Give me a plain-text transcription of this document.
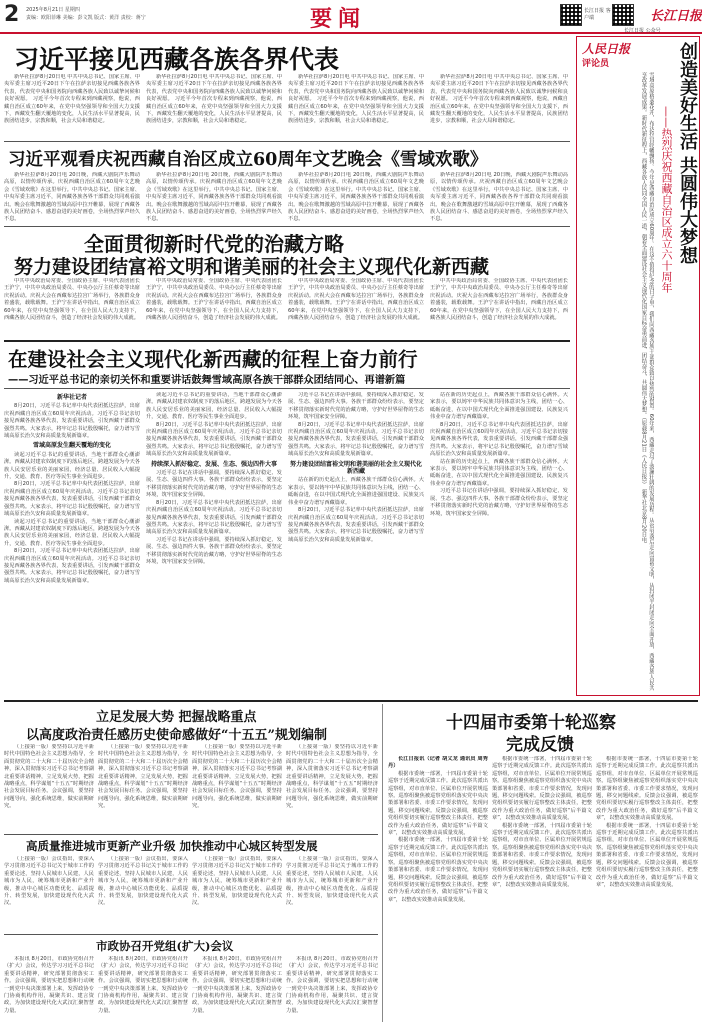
2 2025年8月21日 星期四
责编：欧阳菲琳 美编：彭文凯 版式：黄洋 责校：蒋宁	要闻	长江日报 客户端
长江日报 公众号
长江日报
习近平接见西藏各族各界代表

新华社拉萨8月20日电 中共中央总书记、国家主席、中央军委主席习近平20日下午在拉萨亲切接见西藏各族各界代表，代表党中央和国务院向西藏各族人民致以诚挚问候和良好祝愿。 习近平今年首次专程来到西藏视察，他说，西藏自治区成立60年来，在党中央坚强领导和全国大力支援下，西藏发生翻天覆地的变化，人民生活水平显著提高，民族团结进步，宗教和顺，社会大局和谐稳定。

新华社拉萨8月20日电 中共中央总书记、国家主席、中央军委主席习近平20日下午在拉萨亲切接见西藏各族各界代表，代表党中央和国务院向西藏各族人民致以诚挚问候和良好祝愿。 习近平今年首次专程来到西藏视察，他说，西藏自治区成立60年来，在党中央坚强领导和全国大力支援下，西藏发生翻天覆地的变化，人民生活水平显著提高，民族团结进步，宗教和顺，社会大局和谐稳定。

新华社拉萨8月20日电 中共中央总书记、国家主席、中央军委主席习近平20日下午在拉萨亲切接见西藏各族各界代表，代表党中央和国务院向西藏各族人民致以诚挚问候和良好祝愿。 习近平今年首次专程来到西藏视察，他说，西藏自治区成立60年来，在党中央坚强领导和全国大力支援下，西藏发生翻天覆地的变化，人民生活水平显著提高，民族团结进步，宗教和顺，社会大局和谐稳定。

新华社拉萨8月20日电 中共中央总书记、国家主席、中央军委主席习近平20日下午在拉萨亲切接见西藏各族各界代表，代表党中央和国务院向西藏各族人民致以诚挚问候和良好祝愿。 习近平今年首次专程来到西藏视察，他说，西藏自治区成立60年来，在党中央坚强领导和全国大力支援下，西藏发生翻天覆地的变化，人民生活水平显著提高，民族团结进步，宗教和顺，社会大局和谐稳定。

习近平观看庆祝西藏自治区成立60周年文艺晚会《雪域欢歌》

新华社拉萨8月20日电 20日晚，西藏大剧院声乐舞动高原，以情传颂传承。庆祝西藏自治区成立60周年文艺晚会《雪域欢歌》在这里举行。中共中央总书记、国家主席、中央军委主席习近平，同西藏各族各界干部群众共同观看演出。晚会在歌舞激越的雪域高原中拉开帷幕，展现了西藏各族人民团结奋斗、感恩奋进的美好画卷，全场热烈掌声经久不息。

新华社拉萨8月20日电 20日晚，西藏大剧院声乐舞动高原，以情传颂传承。庆祝西藏自治区成立60周年文艺晚会《雪域欢歌》在这里举行。中共中央总书记、国家主席、中央军委主席习近平，同西藏各族各界干部群众共同观看演出。晚会在歌舞激越的雪域高原中拉开帷幕，展现了西藏各族人民团结奋斗、感恩奋进的美好画卷，全场热烈掌声经久不息。

新华社拉萨8月20日电 20日晚，西藏大剧院声乐舞动高原，以情传颂传承。庆祝西藏自治区成立60周年文艺晚会《雪域欢歌》在这里举行。中共中央总书记、国家主席、中央军委主席习近平，同西藏各族各界干部群众共同观看演出。晚会在歌舞激越的雪域高原中拉开帷幕，展现了西藏各族人民团结奋斗、感恩奋进的美好画卷，全场热烈掌声经久不息。

新华社拉萨8月20日电 20日晚，西藏大剧院声乐舞动高原，以情传颂传承。庆祝西藏自治区成立60周年文艺晚会《雪域欢歌》在这里举行。中共中央总书记、国家主席、中央军委主席习近平，同西藏各族各界干部群众共同观看演出。晚会在歌舞激越的雪域高原中拉开帷幕，展现了西藏各族人民团结奋斗、感恩奋进的美好画卷，全场热烈掌声经久不息。

全面贯彻新时代党的治藏方略
努力建设团结富裕文明和谐美丽的社会主义现代化新西藏

中共中央政治局常委、全国政协主席、中央代表团团长王沪宁，中共中央政治局委员、中央办公厅主任蔡奇等出席庆祝活动。庆祝大会在西藏布达拉宫广场举行，各族群众身着盛装，载歌载舞。王沪宁在讲话中指出，西藏自治区成立60年来，在党中央坚强领导下，在全国人民大力支持下，西藏各族人民团结奋斗，创造了经济社会发展的伟大成就。

中共中央政治局常委、全国政协主席、中央代表团团长王沪宁，中共中央政治局委员、中央办公厅主任蔡奇等出席庆祝活动。庆祝大会在西藏布达拉宫广场举行，各族群众身着盛装，载歌载舞。王沪宁在讲话中指出，西藏自治区成立60年来，在党中央坚强领导下，在全国人民大力支持下，西藏各族人民团结奋斗，创造了经济社会发展的伟大成就。

中共中央政治局常委、全国政协主席、中央代表团团长王沪宁，中共中央政治局委员、中央办公厅主任蔡奇等出席庆祝活动。庆祝大会在西藏布达拉宫广场举行，各族群众身着盛装，载歌载舞。王沪宁在讲话中指出，西藏自治区成立60年来，在党中央坚强领导下，在全国人民大力支持下，西藏各族人民团结奋斗，创造了经济社会发展的伟大成就。

中共中央政治局常委、全国政协主席、中央代表团团长王沪宁，中共中央政治局委员、中央办公厅主任蔡奇等出席庆祝活动。庆祝大会在西藏布达拉宫广场举行，各族群众身着盛装，载歌载舞。王沪宁在讲话中指出，西藏自治区成立60年来，在党中央坚强领导下，在全国人民大力支持下，西藏各族人民团结奋斗，创造了经济社会发展的伟大成就。

在建设社会主义现代化新西藏的征程上奋力前行
——习近平总书记的亲切关怀和重要讲话鼓舞雪域高原各族干部群众团结同心、再谱新篇
新华社记者

8月20日，习近平总书记率中央代表团抵达拉萨，出席庆祝西藏自治区成立60周年庆祝活动。习近平总书记亲切接见西藏各族各界代表，发表重要讲话，引发西藏干部群众强烈共鸣。大家表示，将牢记总书记殷殷嘱托，奋力谱写雪域高原长治久安和高质量发展新篇章。

雪域高原发生翻天覆地的变化

读起习近平总书记的重要讲话，当地干部群众心潮澎湃。西藏从封建农奴制度下的落后地区，跨越发展为今天各族人民安居乐业的美丽家园，经济总量、居民收入大幅提升，交通、教育、医疗等民生事业全面进步。

8月20日，习近平总书记率中央代表团抵达拉萨，出席庆祝西藏自治区成立60周年庆祝活动。习近平总书记亲切接见西藏各族各界代表，发表重要讲话，引发西藏干部群众强烈共鸣。大家表示，将牢记总书记殷殷嘱托，奋力谱写雪域高原长治久安和高质量发展新篇章。

读起习近平总书记的重要讲话，当地干部群众心潮澎湃。西藏从封建农奴制度下的落后地区，跨越发展为今天各族人民安居乐业的美丽家园，经济总量、居民收入大幅提升，交通、教育、医疗等民生事业全面进步。

8月20日，习近平总书记率中央代表团抵达拉萨，出席庆祝西藏自治区成立60周年庆祝活动。习近平总书记亲切接见西藏各族各界代表，发表重要讲话，引发西藏干部群众强烈共鸣。大家表示，将牢记总书记殷殷嘱托，奋力谱写雪域高原长治久安和高质量发展新篇章。

读起习近平总书记的重要讲话，当地干部群众心潮澎湃。西藏从封建农奴制度下的落后地区，跨越发展为今天各族人民安居乐业的美丽家园，经济总量、居民收入大幅提升，交通、教育、医疗等民生事业全面进步。

8月20日，习近平总书记率中央代表团抵达拉萨，出席庆祝西藏自治区成立60周年庆祝活动。习近平总书记亲切接见西藏各族各界代表，发表重要讲话，引发西藏干部群众强烈共鸣。大家表示，将牢记总书记殷殷嘱托，奋力谱写雪域高原长治久安和高质量发展新篇章。

持续深入抓好稳定、发展、生态、强边四件大事

习近平总书记在讲话中强调，要持续深入抓好稳定、发展、生态、强边四件大事。各族干部群众纷纷表示，要坚定不移贯彻落实新时代党的治藏方略，守护好世界屋脊的生态环境，筑牢国家安全屏障。

8月20日，习近平总书记率中央代表团抵达拉萨，出席庆祝西藏自治区成立60周年庆祝活动。习近平总书记亲切接见西藏各族各界代表，发表重要讲话，引发西藏干部群众强烈共鸣。大家表示，将牢记总书记殷殷嘱托，奋力谱写雪域高原长治久安和高质量发展新篇章。

习近平总书记在讲话中强调，要持续深入抓好稳定、发展、生态、强边四件大事。各族干部群众纷纷表示，要坚定不移贯彻落实新时代党的治藏方略，守护好世界屋脊的生态环境，筑牢国家安全屏障。

习近平总书记在讲话中强调，要持续深入抓好稳定、发展、生态、强边四件大事。各族干部群众纷纷表示，要坚定不移贯彻落实新时代党的治藏方略，守护好世界屋脊的生态环境，筑牢国家安全屏障。

8月20日，习近平总书记率中央代表团抵达拉萨，出席庆祝西藏自治区成立60周年庆祝活动。习近平总书记亲切接见西藏各族各界代表，发表重要讲话，引发西藏干部群众强烈共鸣。大家表示，将牢记总书记殷殷嘱托，奋力谱写雪域高原长治久安和高质量发展新篇章。

努力建设团结富裕文明和谐美丽的社会主义现代化新西藏

站在新的历史起点上，西藏各族干部群众信心满怀。大家表示，要以铸牢中华民族共同体意识为主线，团结一心、砥砺奋进，在以中国式现代化全面推进强国建设、民族复兴伟业中奋力谱写西藏篇章。

8月20日，习近平总书记率中央代表团抵达拉萨，出席庆祝西藏自治区成立60周年庆祝活动。习近平总书记亲切接见西藏各族各界代表，发表重要讲话，引发西藏干部群众强烈共鸣。大家表示，将牢记总书记殷殷嘱托，奋力谱写雪域高原长治久安和高质量发展新篇章。

站在新的历史起点上，西藏各族干部群众信心满怀。大家表示，要以铸牢中华民族共同体意识为主线，团结一心、砥砺奋进，在以中国式现代化全面推进强国建设、民族复兴伟业中奋力谱写西藏篇章。

8月20日，习近平总书记率中央代表团抵达拉萨，出席庆祝西藏自治区成立60周年庆祝活动。习近平总书记亲切接见西藏各族各界代表，发表重要讲话，引发西藏干部群众强烈共鸣。大家表示，将牢记总书记殷殷嘱托，奋力谱写雪域高原长治久安和高质量发展新篇章。

站在新的历史起点上，西藏各族干部群众信心满怀。大家表示，要以铸牢中华民族共同体意识为主线，团结一心、砥砺奋进，在以中国式现代化全面推进强国建设、民族复兴伟业中奋力谱写西藏篇章。

习近平总书记在讲话中强调，要持续深入抓好稳定、发展、生态、强边四件大事。各族干部群众纷纷表示，要坚定不移贯彻落实新时代党的治藏方略，守护好世界屋脊的生态环境，筑牢国家安全屏障。

人民日报
评论员	创造美好生活 共圆伟大梦想
——热烈庆祝西藏自治区成立六十周年
雪域高原格桑花开，布达拉宫经幡飘扬。今年是西藏自治区成立60周年。在这个值得纪念的日子里，我们向西藏各族干部群众致以热烈的祝贺。60年来，西藏走过了波澜壮阔的发展历程。从贫穷落后走向富裕文明，从封闭半封闭走向全面开放，西藏各族人民共享改革发展成果。新时代新征程上，西藏各族人民同全国人民一道，朝着全面建设社会主义现代化国家目标奋勇前进，团结奋斗，共圆伟大梦想。（原载8月21日《人民日报》） 新华社北京8月20日电
立足发展大势 把握战略重点
以高度政治责任感历史使命感做好“十五五”规划编制

（上接第一版）要坚持以习近平新时代中国特色社会主义思想为指导，全面贯彻党的二十大和二十届历次全会精神，深入贯彻落实习近平总书记考察湖北重要讲话精神，立足发展大势，把握战略重点，科学谋划“十五五”时期经济社会发展目标任务。会议强调，要坚持问题导向，强化系统思维，做实前期研究。

（上接第一版）要坚持以习近平新时代中国特色社会主义思想为指导，全面贯彻党的二十大和二十届历次全会精神，深入贯彻落实习近平总书记考察湖北重要讲话精神，立足发展大势，把握战略重点，科学谋划“十五五”时期经济社会发展目标任务。会议强调，要坚持问题导向，强化系统思维，做实前期研究。

（上接第一版）要坚持以习近平新时代中国特色社会主义思想为指导，全面贯彻党的二十大和二十届历次全会精神，深入贯彻落实习近平总书记考察湖北重要讲话精神，立足发展大势，把握战略重点，科学谋划“十五五”时期经济社会发展目标任务。会议强调，要坚持问题导向，强化系统思维，做实前期研究。

（上接第一版）要坚持以习近平新时代中国特色社会主义思想为指导，全面贯彻党的二十大和二十届历次全会精神，深入贯彻落实习近平总书记考察湖北重要讲话精神，立足发展大势，把握战略重点，科学谋划“十五五”时期经济社会发展目标任务。会议强调，要坚持问题导向，强化系统思维，做实前期研究。

高质量推进城市更新产业升级 加快推动中心城区转型发展

（上接第一版）会议指出，要深入学习贯彻习近平总书记关于城市工作的重要论述，坚持人民城市人民建，人民城市为人民，统筹城市更新和产业升级，推动中心城区功能优化、品质提升、转型发展，加快建设现代化大武汉。

（上接第一版）会议指出，要深入学习贯彻习近平总书记关于城市工作的重要论述，坚持人民城市人民建，人民城市为人民，统筹城市更新和产业升级，推动中心城区功能优化、品质提升、转型发展，加快建设现代化大武汉。

（上接第一版）会议指出，要深入学习贯彻习近平总书记关于城市工作的重要论述，坚持人民城市人民建，人民城市为人民，统筹城市更新和产业升级，推动中心城区功能优化、品质提升、转型发展，加快建设现代化大武汉。

（上接第一版）会议指出，要深入学习贯彻习近平总书记关于城市工作的重要论述，坚持人民城市人民建，人民城市为人民，统筹城市更新和产业升级，推动中心城区功能优化、品质提升、转型发展，加快建设现代化大武汉。

市政协召开党组(扩大)会议

本报讯 8月20日，市政协党组召开（扩大）会议，传达学习习近平总书记重要讲话精神，研究部署贯彻落实工作。会议强调，要切实把思想和行动统一到党中央决策部署上来，发挥政协专门协商机构作用，凝聚共识、建言资政，为加快建设现代化大武汉汇聚智慧力量。

本报讯 8月20日，市政协党组召开（扩大）会议，传达学习习近平总书记重要讲话精神，研究部署贯彻落实工作。会议强调，要切实把思想和行动统一到党中央决策部署上来，发挥政协专门协商机构作用，凝聚共识、建言资政，为加快建设现代化大武汉汇聚智慧力量。

本报讯 8月20日，市政协党组召开（扩大）会议，传达学习习近平总书记重要讲话精神，研究部署贯彻落实工作。会议强调，要切实把思想和行动统一到党中央决策部署上来，发挥政协专门协商机构作用，凝聚共识、建言资政，为加快建设现代化大武汉汇聚智慧力量。

本报讯 8月20日，市政协党组召开（扩大）会议，传达学习习近平总书记重要讲话精神，研究部署贯彻落实工作。会议强调，要切实把思想和行动统一到党中央决策部署上来，发挥政协专门协商机构作用，凝聚共识、建言资政，为加快建设现代化大武汉汇聚智慧力量。

十四届市委第十轮巡察
完成反馈

长江日报讯（记者 胡义龙 通讯员 周秀丹）

根据市委统一部署，十四届市委第十轮巡察于近期完成反馈工作。此次巡察共派出巡察组，对市直单位、区属单位开展常规巡察。巡察组聚焦被巡察党组织落实党中央决策部署和省委、市委工作要求情况，发现问题，移交问题线索。反馈会议强调，被巡察党组织要切实履行巡察整改主体责任，把整改作为重大政治任务，做好巡察“后半篇文章”，以整改实效推动高质量发展。

根据市委统一部署，十四届市委第十轮巡察于近期完成反馈工作。此次巡察共派出巡察组，对市直单位、区属单位开展常规巡察。巡察组聚焦被巡察党组织落实党中央决策部署和省委、市委工作要求情况，发现问题，移交问题线索。反馈会议强调，被巡察党组织要切实履行巡察整改主体责任，把整改作为重大政治任务，做好巡察“后半篇文章”，以整改实效推动高质量发展。

根据市委统一部署，十四届市委第十轮巡察于近期完成反馈工作。此次巡察共派出巡察组，对市直单位、区属单位开展常规巡察。巡察组聚焦被巡察党组织落实党中央决策部署和省委、市委工作要求情况，发现问题，移交问题线索。反馈会议强调，被巡察党组织要切实履行巡察整改主体责任，把整改作为重大政治任务，做好巡察“后半篇文章”，以整改实效推动高质量发展。

根据市委统一部署，十四届市委第十轮巡察于近期完成反馈工作。此次巡察共派出巡察组，对市直单位、区属单位开展常规巡察。巡察组聚焦被巡察党组织落实党中央决策部署和省委、市委工作要求情况，发现问题，移交问题线索。反馈会议强调，被巡察党组织要切实履行巡察整改主体责任，把整改作为重大政治任务，做好巡察“后半篇文章”，以整改实效推动高质量发展。

根据市委统一部署，十四届市委第十轮巡察于近期完成反馈工作。此次巡察共派出巡察组，对市直单位、区属单位开展常规巡察。巡察组聚焦被巡察党组织落实党中央决策部署和省委、市委工作要求情况，发现问题，移交问题线索。反馈会议强调，被巡察党组织要切实履行巡察整改主体责任，把整改作为重大政治任务，做好巡察“后半篇文章”，以整改实效推动高质量发展。

根据市委统一部署，十四届市委第十轮巡察于近期完成反馈工作。此次巡察共派出巡察组，对市直单位、区属单位开展常规巡察。巡察组聚焦被巡察党组织落实党中央决策部署和省委、市委工作要求情况，发现问题，移交问题线索。反馈会议强调，被巡察党组织要切实履行巡察整改主体责任，把整改作为重大政治任务，做好巡察“后半篇文章”，以整改实效推动高质量发展。
